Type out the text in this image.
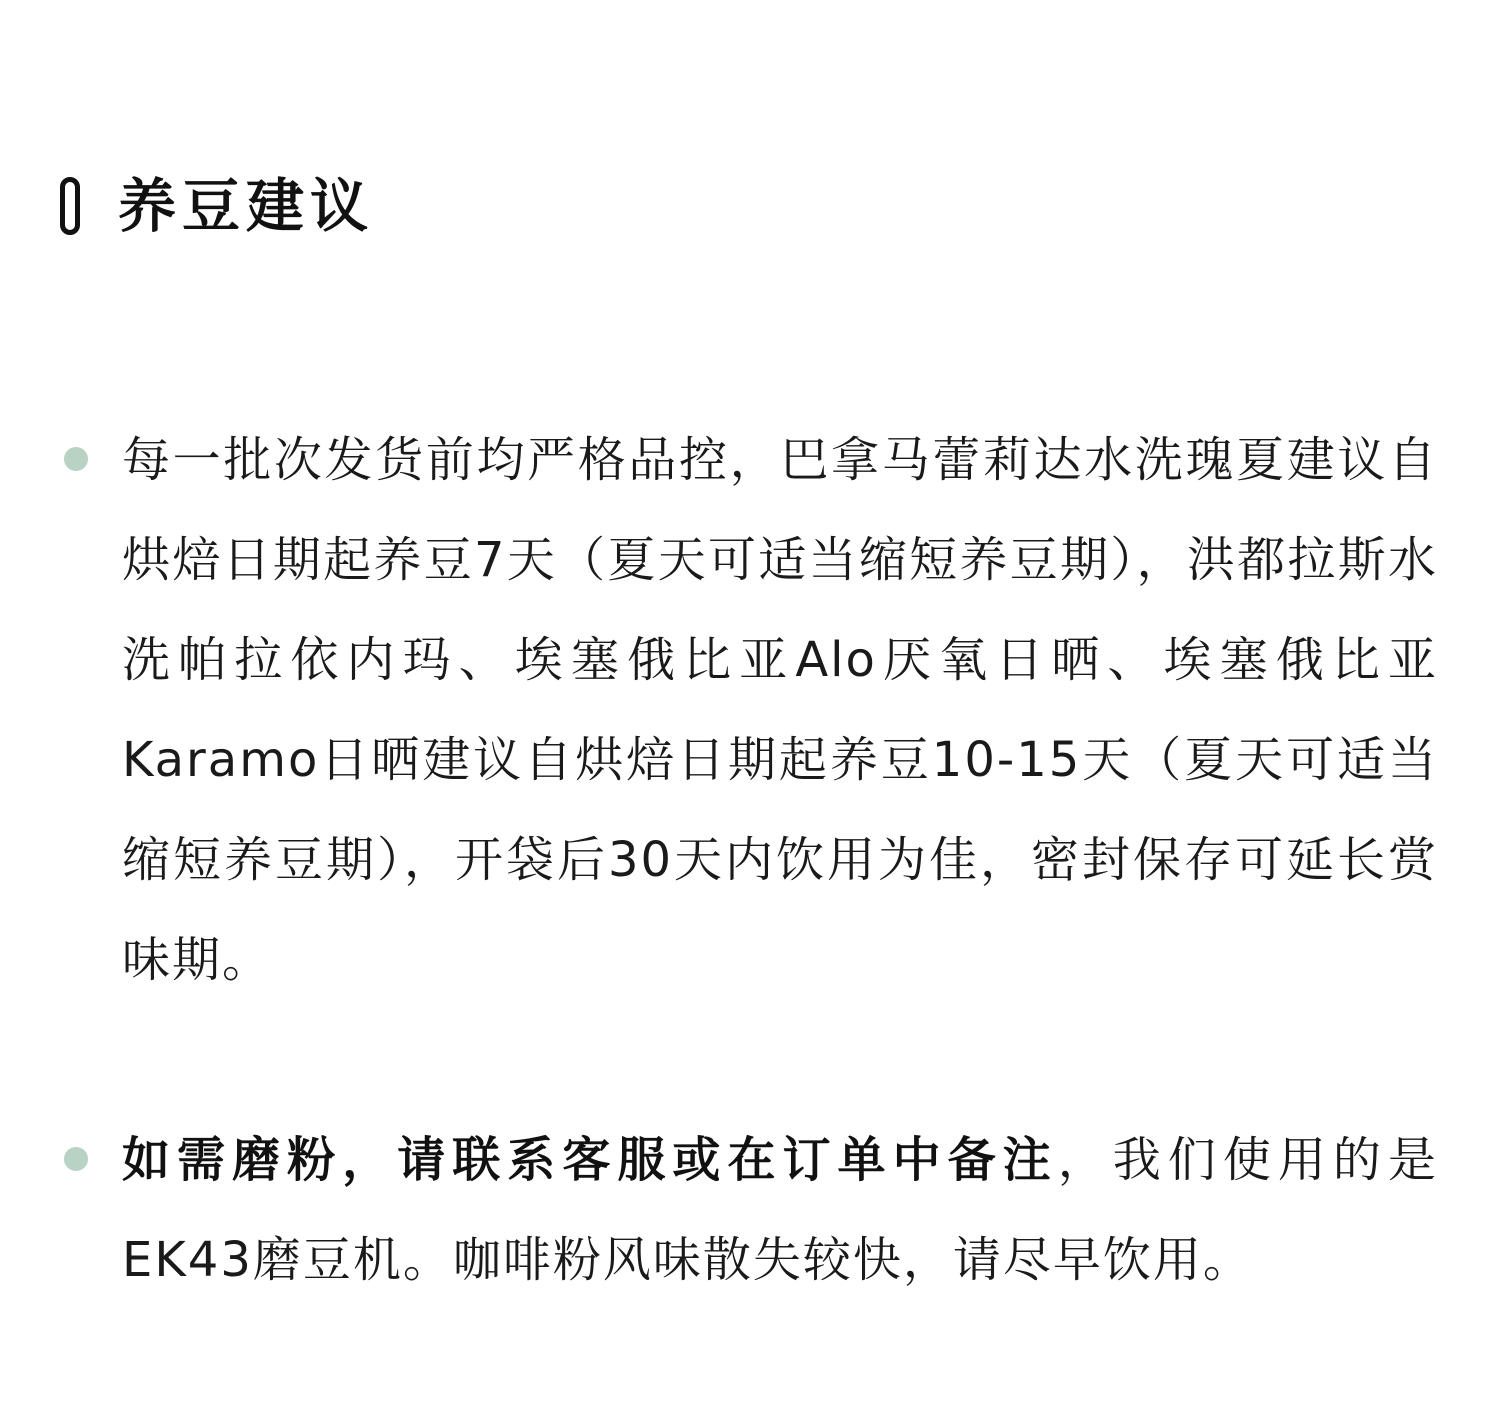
养豆建议

每一批次发货前均严格品控，巴拿马蕾莉达水洗瑰夏建议自烘焙日期起养豆7天（夏天可适当缩短养豆期），洪都拉斯水洗帕拉依内玛、埃塞俄比亚Alo厌氧日晒、埃塞俄比亚Karamo日晒建议自烘焙日期起养豆10-15天（夏天可适当缩短养豆期），开袋后30天内饮用为佳，密封保存可延长赏味期。

如需磨粉，请联系客服或在订单中备注，我们使用的是EK43磨豆机。咖啡粉风味散失较快，请尽早饮用。
